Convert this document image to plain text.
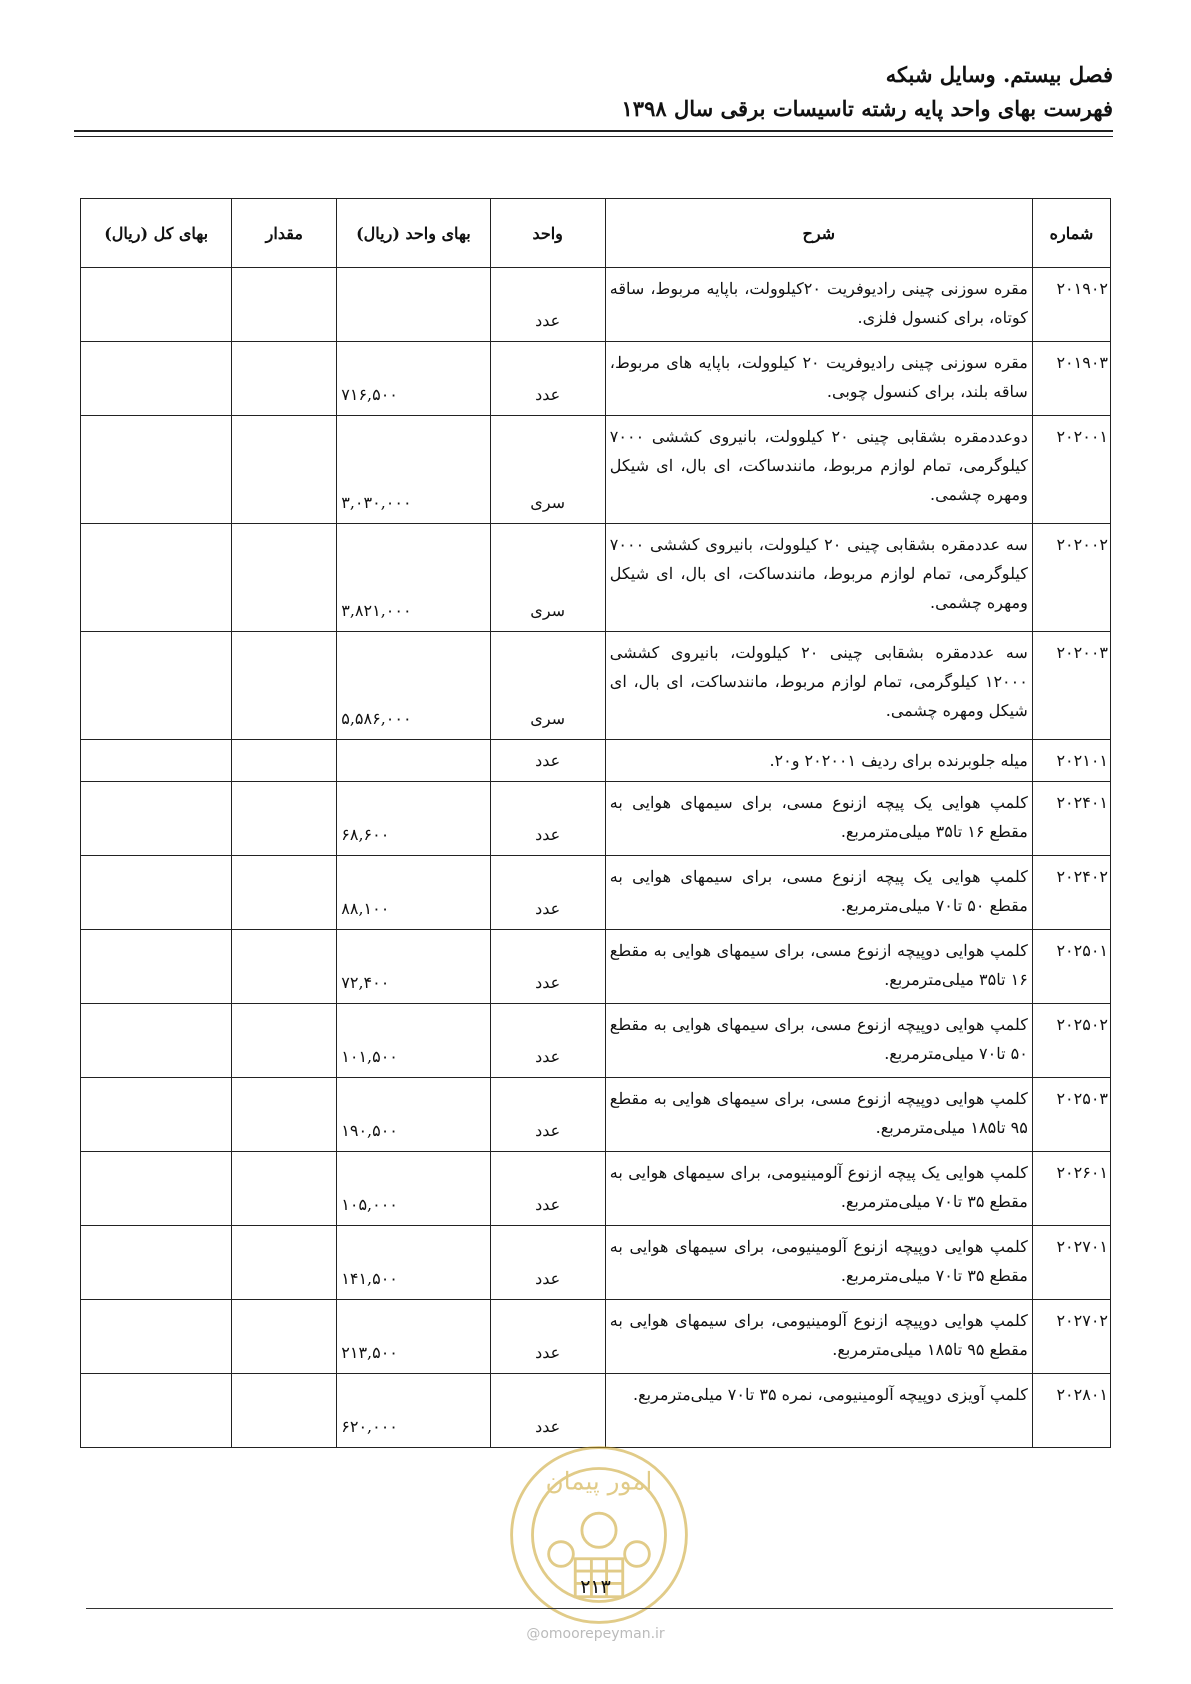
فصل بیستم. وسایل شبکه
فهرست بهای واحد پایه رشته تاسیسات برقی سال ۱۳۹۸
شماره	شرح	واحد	بهای واحد (ریال)	مقدار	بهای کل (ریال)
۲۰۱۹۰۲	مقره سوزنی چینی رادیوفریت ۲۰کیلوولت، باپایه مربوط، ساقه کوتاه، برای کنسول فلزی.	عدد			
۲۰۱۹۰۳	مقره سوزنی چینی رادیوفریت ۲۰ کیلوولت، باپایه های مربوط، ساقه بلند، برای کنسول چوبی.	عدد	۷۱۶,۵۰۰		
۲۰۲۰۰۱	دوعددمقره بشقابی چینی ۲۰ کیلوولت، بانیروی کششی ۷۰۰۰ کیلوگرمی، تمام لوازم مربوط، مانندساکت، ای بال، ای شیکل ومهره چشمی.	سری	۳,۰۳۰,۰۰۰		
۲۰۲۰۰۲	سه عددمقره بشقابی چینی ۲۰ کیلوولت، بانیروی کششی ۷۰۰۰ کیلوگرمی، تمام لوازم مربوط، مانندساکت، ای بال، ای شیکل ومهره چشمی.	سری	۳,۸۲۱,۰۰۰		
۲۰۲۰۰۳	سه عددمقره بشقابی چینی ۲۰ کیلوولت، بانیروی کششی ۱۲۰۰۰ کیلوگرمی، تمام لوازم مربوط، مانندساکت، ای بال، ای شیکل ومهره چشمی.	سری	۵,۵۸۶,۰۰۰		
۲۰۲۱۰۱	میله جلوبرنده برای ردیف ۲۰۲۰۰۱ و۲۰.	عدد			
۲۰۲۴۰۱	کلمپ هوایی یک پیچه ازنوع مسی، برای سیمهای هوایی به مقطع ۱۶ تا۳۵ میلی‌مترمربع.	عدد	۶۸,۶۰۰		
۲۰۲۴۰۲	کلمپ هوایی یک پیچه ازنوع مسی، برای سیمهای هوایی به مقطع ۵۰ تا۷۰ میلی‌مترمربع.	عدد	۸۸,۱۰۰		
۲۰۲۵۰۱	کلمپ هوایی دوپیچه ازنوع مسی، برای سیمهای هوایی به مقطع ۱۶ تا۳۵ میلی‌مترمربع.	عدد	۷۲,۴۰۰		
۲۰۲۵۰۲	کلمپ هوایی دوپیچه ازنوع مسی، برای سیمهای هوایی به مقطع ۵۰ تا۷۰ میلی‌مترمربع.	عدد	۱۰۱,۵۰۰		
۲۰۲۵۰۳	کلمپ هوایی دوپیچه ازنوع مسی، برای سیمهای هوایی به مقطع ۹۵ تا۱۸۵ میلی‌مترمربع.	عدد	۱۹۰,۵۰۰		
۲۰۲۶۰۱	کلمپ هوایی یک پیچه ازنوع آلومینیومی، برای سیمهای هوایی به مقطع ۳۵ تا۷۰ میلی‌مترمربع.	عدد	۱۰۵,۰۰۰		
۲۰۲۷۰۱	کلمپ هوایی دوپیچه ازنوع آلومینیومی، برای سیمهای هوایی به مقطع ۳۵ تا۷۰ میلی‌مترمربع.	عدد	۱۴۱,۵۰۰		
۲۰۲۷۰۲	کلمپ هوایی دوپیچه ازنوع آلومینیومی، برای سیمهای هوایی به مقطع ۹۵ تا۱۸۵ میلی‌مترمربع.	عدد	۲۱۳,۵۰۰		
۲۰۲۸۰۱	کلمپ آویزی دوپیچه آلومینیومی، نمره ۳۵ تا۷۰ میلی‌مترمربع.	عدد	۶۲۰,۰۰۰		
امور پیمان
۲۱۳
@omoorepeyman.ir
